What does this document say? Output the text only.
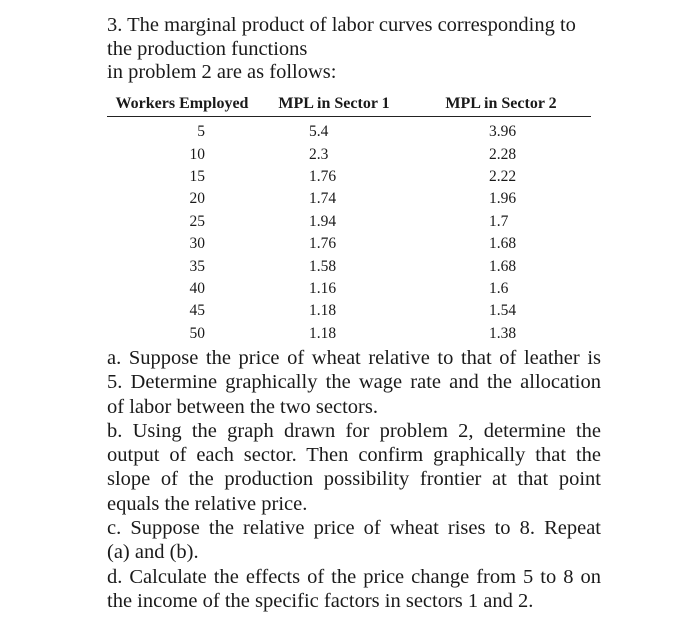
3. The marginal product of labor curves corresponding to
the production functions
in problem 2 are as follows:
Workers Employed	MPL in Sector 1	MPL in Sector 2
5	5.4	3.96
10	2.3	2.28
15	1.76	2.22
20	1.74	1.96
25	1.94	1.7
30	1.76	1.68
35	1.58	1.68
40	1.16	1.6
45	1.18	1.54
50	1.18	1.38
a. Suppose the price of wheat relative to that of leather is
5. Determine graphically the wage rate and the allocation
of labor between the two sectors.
b. Using the graph drawn for problem 2, determine the
output of each sector. Then confirm graphically that the
slope of the production possibility frontier at that point
equals the relative price.
c. Suppose the relative price of wheat rises to 8. Repeat
(a) and (b).
d. Calculate the effects of the price change from 5 to 8 on
the income of the specific factors in sectors 1 and 2.
